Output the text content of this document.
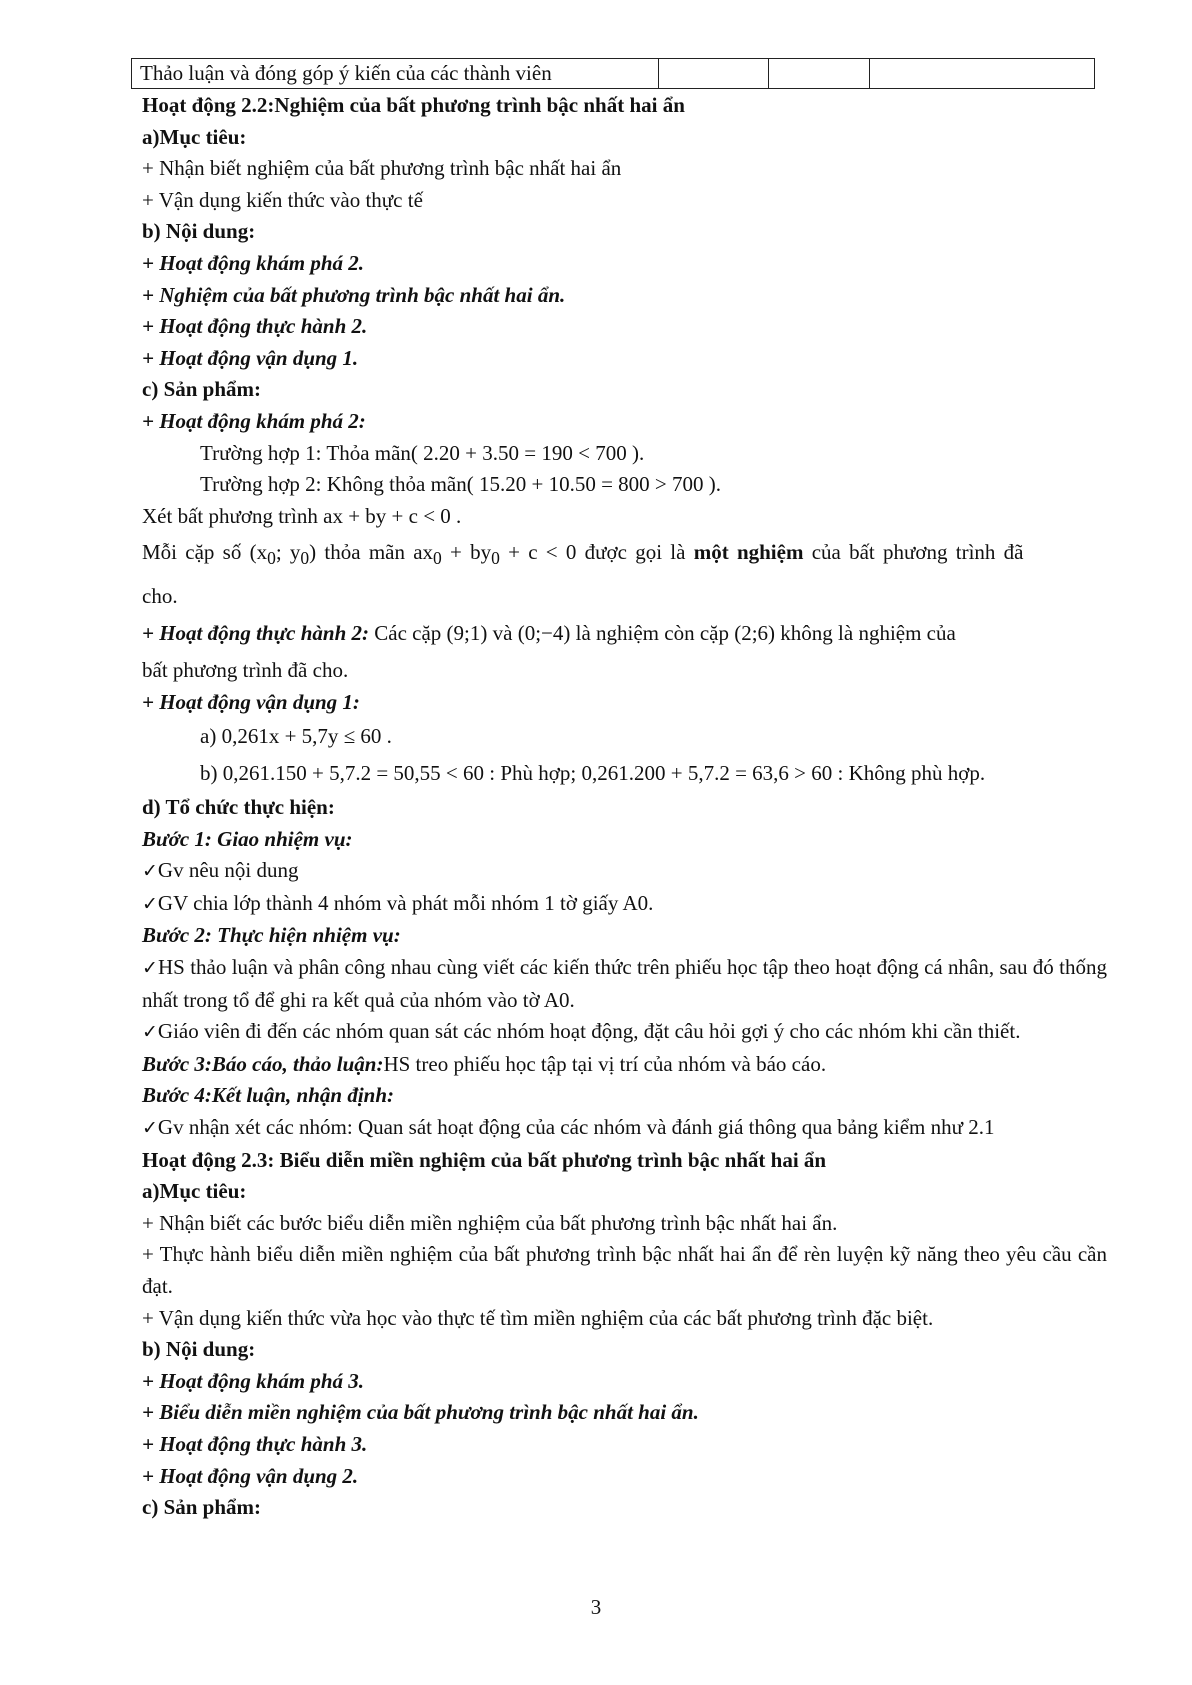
Thảo luận và đóng góp ý kiến của các thành viên			
Hoạt động 2.2:Nghiệm của bất phương trình bậc nhất hai ẩn
a)Mục tiêu:
+ Nhận biết nghiệm của bất phương trình bậc nhất hai ẩn
+ Vận dụng kiến thức vào thực tế
b) Nội dung:
+ Hoạt động khám phá 2.
+ Nghiệm của bất phương trình bậc nhất hai ẩn.
+ Hoạt động thực hành 2.
+ Hoạt động vận dụng 1.
c) Sản phẩm:
+ Hoạt động khám phá 2:
Trường hợp 1: Thỏa mãn( 2.20 + 3.50 = 190 < 700 ).
Trường hợp 2: Không thỏa mãn( 15.20 + 10.50 = 800 > 700 ).
Xét bất phương trình ax + by + c < 0 .
Mỗi cặp số ($x_0$; $y_0$) thỏa mãn $ax_0 + by_0 + c < 0$ được gọi là một nghiệm của bất phương trình đã
cho.
+ Hoạt động thực hành 2: Các cặp (9;1) và (0;−4) là nghiệm còn cặp (2;6) không là nghiệm của
bất phương trình đã cho.
+ Hoạt động vận dụng 1:
a) 0,261x + 5,7y ≤ 60 .
b) 0,261.150 + 5,7.2 = 50,55 < 60 : Phù hợp; 0,261.200 + 5,7.2 = 63,6 > 60 : Không phù hợp.
d) Tổ chức thực hiện:
Bước 1: Giao nhiệm vụ:
✓Gv nêu nội dung
✓GV chia lớp thành 4 nhóm và phát mỗi nhóm 1 tờ giấy A0.
Bước 2: Thực hiện nhiệm vụ:
✓HS thảo luận và phân công nhau cùng viết các kiến thức trên phiếu học tập theo hoạt động cá nhân, sau đó thống nhất trong tổ để ghi ra kết quả của nhóm vào tờ A0.
✓Giáo viên đi đến các nhóm quan sát các nhóm hoạt động, đặt câu hỏi gợi ý cho các nhóm khi cần thiết.
Bước 3:Báo cáo, thảo luận:HS treo phiếu học tập tại vị trí của nhóm và báo cáo.
Bước 4:Kết luận, nhận định:
✓Gv nhận xét các nhóm: Quan sát hoạt động của các nhóm và đánh giá thông qua bảng kiểm như 2.1
Hoạt động 2.3: Biểu diễn miền nghiệm của bất phương trình bậc nhất hai ẩn
a)Mục tiêu:
+ Nhận biết các bước biểu diễn miền nghiệm của bất phương trình bậc nhất hai ẩn.
+ Thực hành biểu diễn miền nghiệm của bất phương trình bậc nhất hai ẩn để rèn luyện kỹ năng theo yêu cầu cần đạt.
+ Vận dụng kiến thức vừa học vào thực tế tìm miền nghiệm của các bất phương trình đặc biệt.
b) Nội dung:
+ Hoạt động khám phá 3.
+ Biểu diễn miền nghiệm của bất phương trình bậc nhất hai ẩn.
+ Hoạt động thực hành 3.
+ Hoạt động vận dụng 2.
c) Sản phẩm:
3
